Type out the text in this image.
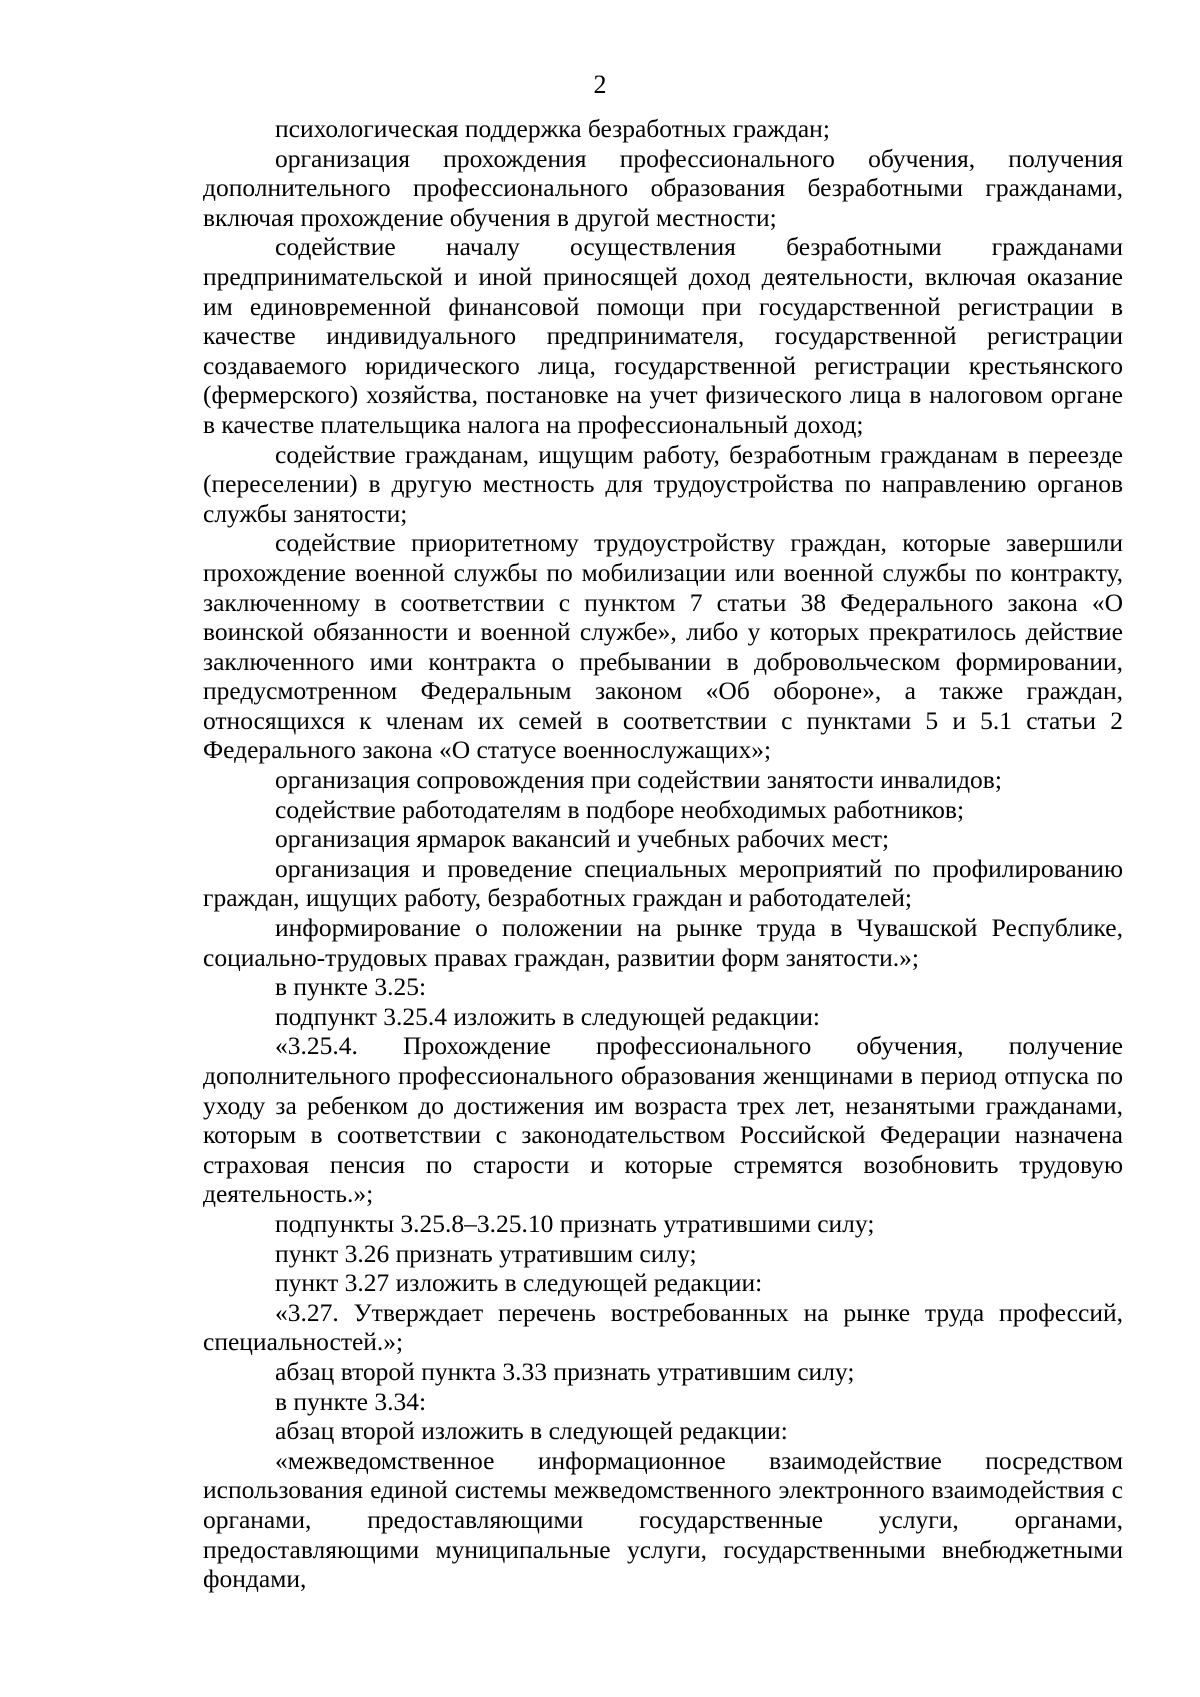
2

психологическая поддержка безработных граждан;

организация прохождения профессионального обучения, получения дополнительного профессионального образования безработными гражданами, включая прохождение обучения в другой местности;

содействие началу осуществления безработными гражданами предпринимательской и иной приносящей доход деятельности, включая оказание им единовременной финансовой помощи при государственной регистрации в качестве индивидуального предпринимателя, государственной регистрации создаваемого юридического лица, государственной регистрации крестьянского (фермерского) хозяйства, постановке на учет физического лица в налоговом органе в качестве плательщика налога на профессиональный доход;

содействие гражданам, ищущим работу, безработным гражданам в переезде (переселении) в другую местность для трудоустройства по направлению органов службы занятости;

содействие приоритетному трудоустройству граждан, которые завершили прохождение военной службы по мобилизации или военной службы по контракту, заключенному в соответствии с пунктом 7 статьи 38 Федерального закона «О воинской обязанности и военной службе», либо у которых прекратилось действие заключенного ими контракта о пребывании в добровольческом формировании, предусмотренном Федеральным законом «Об обороне», а также граждан, относящихся к членам их семей в соответствии с пунктами 5 и 5.1 статьи 2 Федерального закона «О статусе военнослужащих»;

организация сопровождения при содействии занятости инвалидов;

содействие работодателям в подборе необходимых работников;

организация ярмарок вакансий и учебных рабочих мест;

организация и проведение специальных мероприятий по профилированию граждан, ищущих работу, безработных граждан и работодателей;

информирование о положении на рынке труда в Чувашской Республике, социально-трудовых правах граждан, развитии форм занятости.»;

в пункте 3.25:

подпункт 3.25.4 изложить в следующей редакции:

«3.25.4. Прохождение профессионального обучения, получение дополнительного профессионального образования женщинами в период отпуска по уходу за ребенком до достижения им возраста трех лет, незанятыми гражданами, которым в соответствии с законодательством Российской Федерации назначена страховая пенсия по старости и которые стремятся возобновить трудовую деятельность.»;

подпункты 3.25.8–3.25.10 признать утратившими силу;

пункт 3.26 признать утратившим силу;

пункт 3.27 изложить в следующей редакции:

«3.27. Утверждает перечень востребованных на рынке труда профессий, специальностей.»;

абзац второй пункта 3.33 признать утратившим силу;

в пункте 3.34:

абзац второй изложить в следующей редакции:

«межведомственное информационное взаимодействие посредством использования единой системы межведомственного электронного взаимодействия с органами, предоставляющими государственные услуги, органами, предоставляющими муниципальные услуги, государственными внебюджетными фондами,
